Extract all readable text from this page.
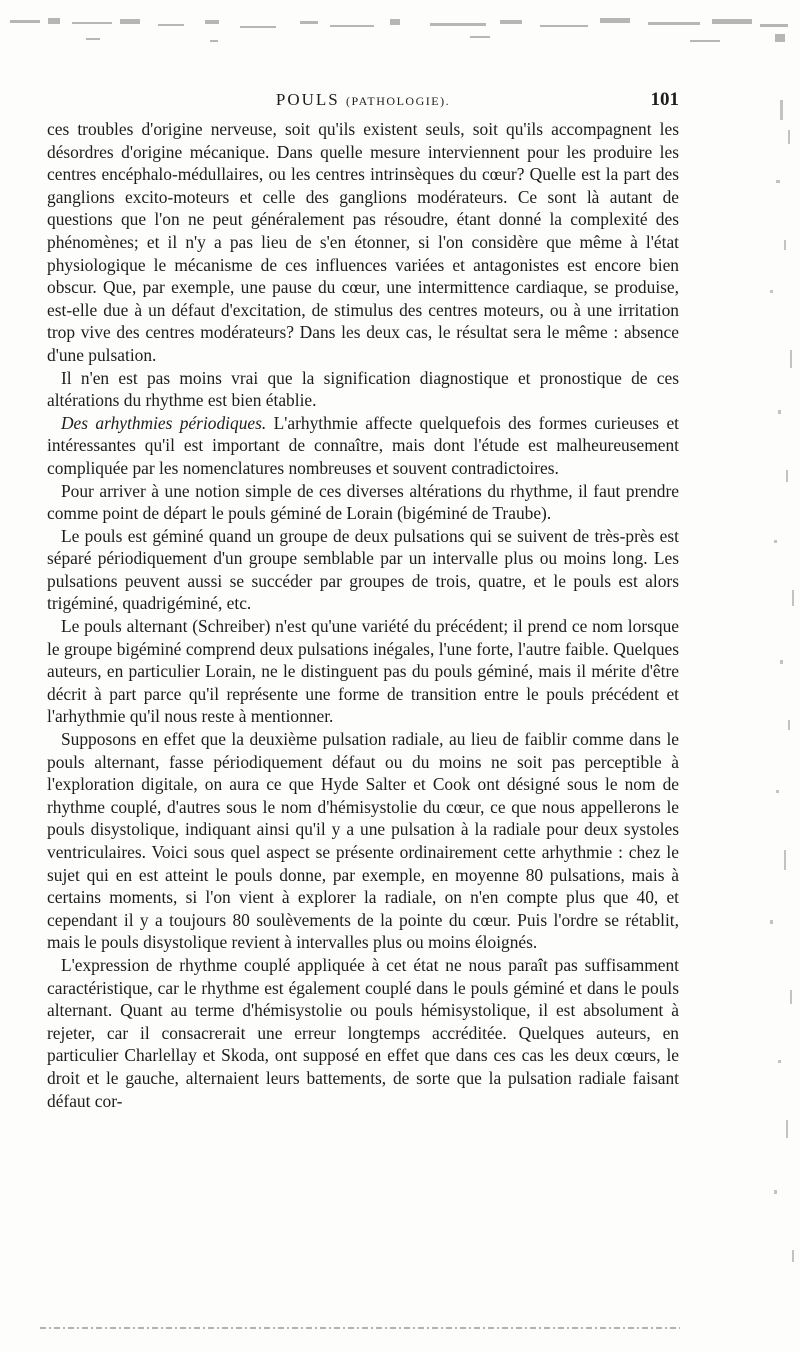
POULS (PATHOLOGIE).	101

ces troubles d'origine nerveuse, soit qu'ils existent seuls, soit qu'ils accompagnent les désordres d'origine mécanique. Dans quelle mesure interviennent pour les produire les centres encéphalo-médullaires, ou les centres intrinsèques du cœur? Quelle est la part des ganglions excito-moteurs et celle des ganglions modérateurs. Ce sont là autant de questions que l'on ne peut généralement pas résoudre, étant donné la complexité des phénomènes; et il n'y a pas lieu de s'en étonner, si l'on considère que même à l'état physiologique le mécanisme de ces influences variées et antagonistes est encore bien obscur. Que, par exemple, une pause du cœur, une intermittence cardiaque, se produise, est-elle due à un défaut d'excitation, de stimulus des centres moteurs, ou à une irritation trop vive des centres modérateurs? Dans les deux cas, le résultat sera le même : absence d'une pulsation.

Il n'en est pas moins vrai que la signification diagnostique et pronostique de ces altérations du rhythme est bien établie.

Des arhythmies périodiques. L'arhythmie affecte quelquefois des formes curieuses et intéressantes qu'il est important de connaître, mais dont l'étude est malheureusement compliquée par les nomenclatures nombreuses et souvent contradictoires.

Pour arriver à une notion simple de ces diverses altérations du rhythme, il faut prendre comme point de départ le pouls géminé de Lorain (bigéminé de Traube).

Le pouls est géminé quand un groupe de deux pulsations qui se suivent de très-près est séparé périodiquement d'un groupe semblable par un intervalle plus ou moins long. Les pulsations peuvent aussi se succéder par groupes de trois, quatre, et le pouls est alors trigéminé, quadrigéminé, etc.

Le pouls alternant (Schreiber) n'est qu'une variété du précédent; il prend ce nom lorsque le groupe bigéminé comprend deux pulsations inégales, l'une forte, l'autre faible. Quelques auteurs, en particulier Lorain, ne le distinguent pas du pouls géminé, mais il mérite d'être décrit à part parce qu'il représente une forme de transition entre le pouls précédent et l'arhythmie qu'il nous reste à mentionner.

Supposons en effet que la deuxième pulsation radiale, au lieu de faiblir comme dans le pouls alternant, fasse périodiquement défaut ou du moins ne soit pas perceptible à l'exploration digitale, on aura ce que Hyde Salter et Cook ont désigné sous le nom de rhythme couplé, d'autres sous le nom d'hémisystolie du cœur, ce que nous appellerons le pouls disystolique, indiquant ainsi qu'il y a une pulsation à la radiale pour deux systoles ventriculaires. Voici sous quel aspect se présente ordinairement cette arhythmie : chez le sujet qui en est atteint le pouls donne, par exemple, en moyenne 80 pulsations, mais à certains moments, si l'on vient à explorer la radiale, on n'en compte plus que 40, et cependant il y a toujours 80 soulèvements de la pointe du cœur. Puis l'ordre se rétablit, mais le pouls disystolique revient à intervalles plus ou moins éloignés.

L'expression de rhythme couplé appliquée à cet état ne nous paraît pas suffisamment caractéristique, car le rhythme est également couplé dans le pouls géminé et dans le pouls alternant. Quant au terme d'hémisystolie ou pouls hémisystolique, il est absolument à rejeter, car il consacrerait une erreur longtemps accréditée. Quelques auteurs, en particulier Charlellay et Skoda, ont supposé en effet que dans ces cas les deux cœurs, le droit et le gauche, alternaient leurs battements, de sorte que la pulsation radiale faisant défaut cor-
